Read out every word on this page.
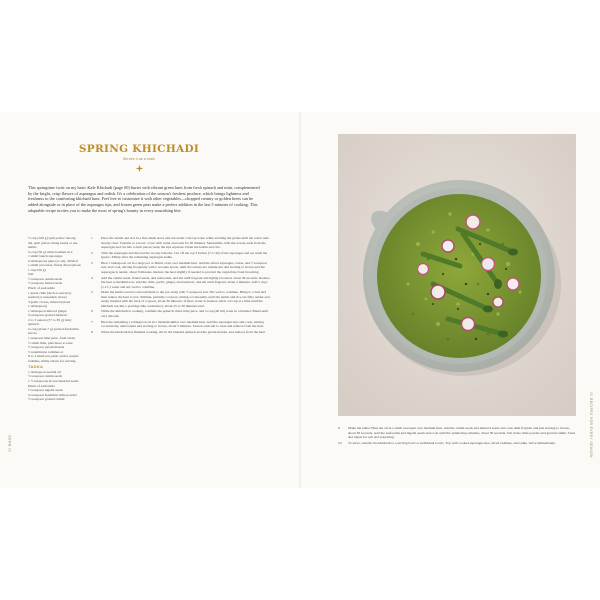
SPRING KHICHADI
Serves 4 as a main

This springtime twist on my basic Kale Khichadi (page 00) bursts with vibrant green hues from fresh spinach and mint, complemented by the bright, crisp flavors of asparagus and radish. It's a celebration of the season's freshest produce, which brings lightness and freshness to the comforting khichadi base. Feel free to customize it with other vegetables—chopped creamy or golden beets can be added alongside or in place of the asparagus tips, and frozen green peas make a perfect addition in the last 5 minutes of cooking. This adaptable recipe invites you to make the most of spring's bounty in every nourishing bite.

½ cup (100 g) split yellow moong
dal, split yellow mung beans or use
lentils
¼ cup (50 g) white basmati rice
1 small bunch asparagus
2 tablespoons ghee (or oil), divided
1 small red onion, finely diced (about
1 cup/150 g)
Salt
½ teaspoon cumin seeds
½ teaspoon fennel seeds
Pinch of asafoetida
1 green chile (such as serrano),
seeded (or unseeded, more)
3 garlic cloves, minced (about
1 tablespoon)
1 tablespoon minced ginger
¾ teaspoon ground turmeric
2 to 3 ounces (57 to 85 g) baby
spinach
¼ cup (about 7 g) packed fresh mint
leaves
1 teaspoon lime juice, from about
½ small lime, plus more to taste
½ teaspoon garam masala
5 watermelon radishes or
8 to 4 small red, pink, and/or purple
radishes, thinly sliced, for serving
TADKA
1 tablespoon neutral oil
½ teaspoon cumin seeds
1 ½ teaspoons brown mustard seeds
Pinch of asafoetida
½ teaspoon nigella seeds
¼ teaspoon Kashmiri chile powder
½ teaspoon ground cumin
1	Place the lentils and rice in a fine-mesh sieve and run under cold tap water while swirling the grains until the water runs mostly clear. Transfer to a bowl, cover with water and soak for 30 minutes. Meanwhile, trim the woody ends from the asparagus and cut into 2-inch pieces; keep the tips separate. Drain the lentils and rice.
2	Trim the asparagus and discard the woody bottoms. Cut off the top 3 inches (7.5 cm) of the asparagus and set aside the spears. Thinly slice the remaining asparagus stalks.
3	Heat 1 tablespoon oil in a large pot or Dutch oven over medium heat. Add the sliced asparagus, onion, and ½ teaspoon salt, and cook, stirring frequently with a wooden spoon, until the onions are translucent and starting to brown and the asparagus is tender, about 8 minutes. Reduce the heat slightly if needed to prevent the vegetables from browning.
4	Add the cumin seeds, fennel seeds, and asafoetida, and stir until fragrant and lightly browned, about 30 seconds. Reduce the heat to medium-low. Add the chile, garlic, ginger, and turmeric, and stir until fragrant, about 2 minutes. Add 5 cups (1.2 L) water and stir well to combine.
5	Drain the lentils and rice and add them to the pot along with ½ teaspoon salt. Stir well to combine. Bring to a boil and then reduce the heat to low. Simmer, partially covered, stirring occasionally, until the lentils and rice are fully tender and easily mashed with the back of a spoon, about 30 minutes. If more water is needed, add it 1/4 cup at a time until the khichadi reaches a porridge-like consistency, about 25 to 30 minutes total.
6	While the khichadi is cooking, combine the spinach, mint, lime juice, and ¼ cup (60 ml) water in a blender. Blend until very smooth.
7	Heat the remaining 1 tablespoon oil in a medium skillet over medium heat. Add the asparagus tips and cook, stirring occasionally, until tender and starting to brown, about 5 minutes. Season with salt to taste and remove from the heat.
8	When the khichadi has finished cooking, stir in the blended spinach and the garam masala, and remove from the heat.
00 BOOK
9	Make the tadka: Heat the oil in a small saucepan over medium heat. Add the cumin seeds and mustard seeds and cook until fragrant and just starting to brown, about 30 seconds. Add the asafoetida and nigella seeds and cook until the spluttering subsides, about 30 seconds. Stir in the chile powder and ground cumin. Taste and adjust for salt and seasoning.
10	To serve, transfer the khichadi to a serving bowl or individual bowls. Top with cooked asparagus tips, sliced radishes, and tadka. Serve immediately.	00 RECIPES FOR EVERY SEASON
